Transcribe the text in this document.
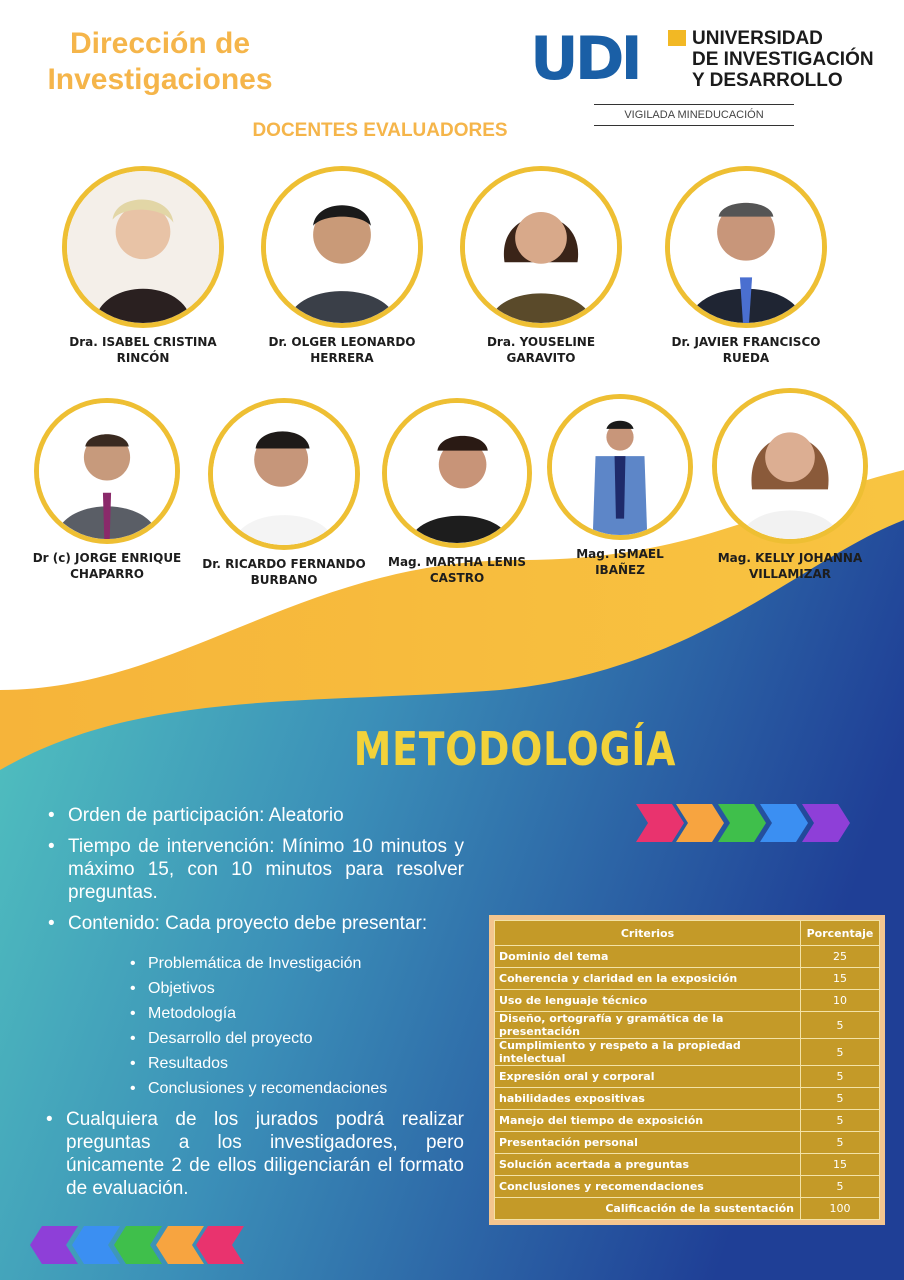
Dirección de
Investigaciones	UDI	UNIVERSIDAD
DE INVESTIGACIÓN
Y DESARROLLO
VIGILADA MINEDUCACIÓN
DOCENTES EVALUADORES
Dra. ISABEL CRISTINA
RINCÓN
Dr. OLGER LEONARDO
HERRERA
Dra. YOUSELINE
GARAVITO
Dr. JAVIER FRANCISCO
RUEDA
Dr (c) JORGE ENRIQUE
CHAPARRO
Dr. RICARDO FERNANDO
BURBANO
Mag. MARTHA LENIS
CASTRO
Mag. ISMAEL
IBAÑEZ
Mag. KELLY JOHANNA
VILLAMIZAR
METODOLOGÍA
• Orden de participación: Aleatorio
• Tiempo de intervención: Mínimo 10 minutos y máximo 15, con 10 minutos para resolver preguntas.
• Contenido: Cada proyecto debe presentar:
• Problemática de Investigación
• Objetivos
• Metodología
• Desarrollo del proyecto
• Resultados
• Conclusiones y recomendaciones
• Cualquiera de los jurados podrá realizar preguntas a los investigadores, pero únicamente 2 de ellos diligenciarán el formato de evaluación.
Criterios	Porcentaje
Dominio del tema	25
Coherencia y claridad en la exposición	15
Uso de lenguaje técnico	10
Diseño, ortografía y gramática de la presentación	5
Cumplimiento y respeto a la propiedad intelectual	5
Expresión oral y corporal	5
habilidades expositivas	5
Manejo del tiempo de exposición	5
Presentación personal	5
Solución acertada a preguntas	15
Conclusiones y recomendaciones	5
Calificación de la sustentación	100
